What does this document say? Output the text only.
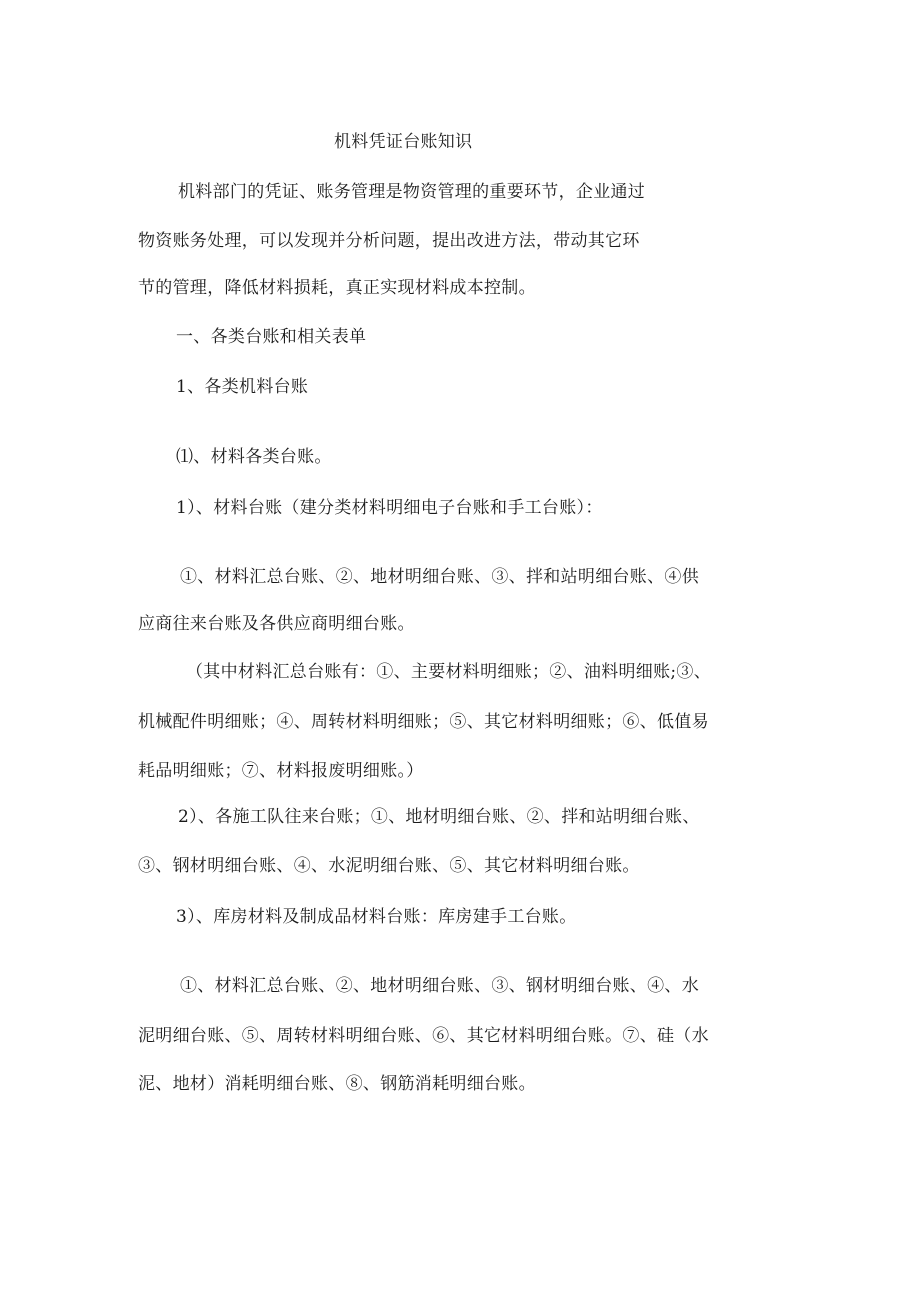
机料凭证台账知识
机料部门的凭证、账务管理是物资管理的重要环节，企业通过
物资账务处理，可以发现并分析问题，提出改进方法，带动其它环
节的管理，降低材料损耗，真正实现材料成本控制。
一、各类台账和相关表单
1、各类机料台账
⑴、材料各类台账。
1）、材料台账（建分类材料明细电子台账和手工台账）：
①、材料汇总台账、②、地材明细台账、③、拌和站明细台账、④供
应商往来台账及各供应商明细台账。
（其中材料汇总台账有：①、主要材料明细账；②、油料明细账;③、
机械配件明细账；④、周转材料明细账；⑤、其它材料明细账；⑥、低值易
耗品明细账；⑦、材料报废明细账。）
2）、各施工队往来台账；①、地材明细台账、②、拌和站明细台账、
③、钢材明细台账、④、水泥明细台账、⑤、其它材料明细台账。
3）、库房材料及制成品材料台账：库房建手工台账。
①、材料汇总台账、②、地材明细台账、③、钢材明细台账、④、水
泥明细台账、⑤、周转材料明细台账、⑥、其它材料明细台账。⑦、硅（水
泥、地材）消耗明细台账、⑧、钢筋消耗明细台账。
